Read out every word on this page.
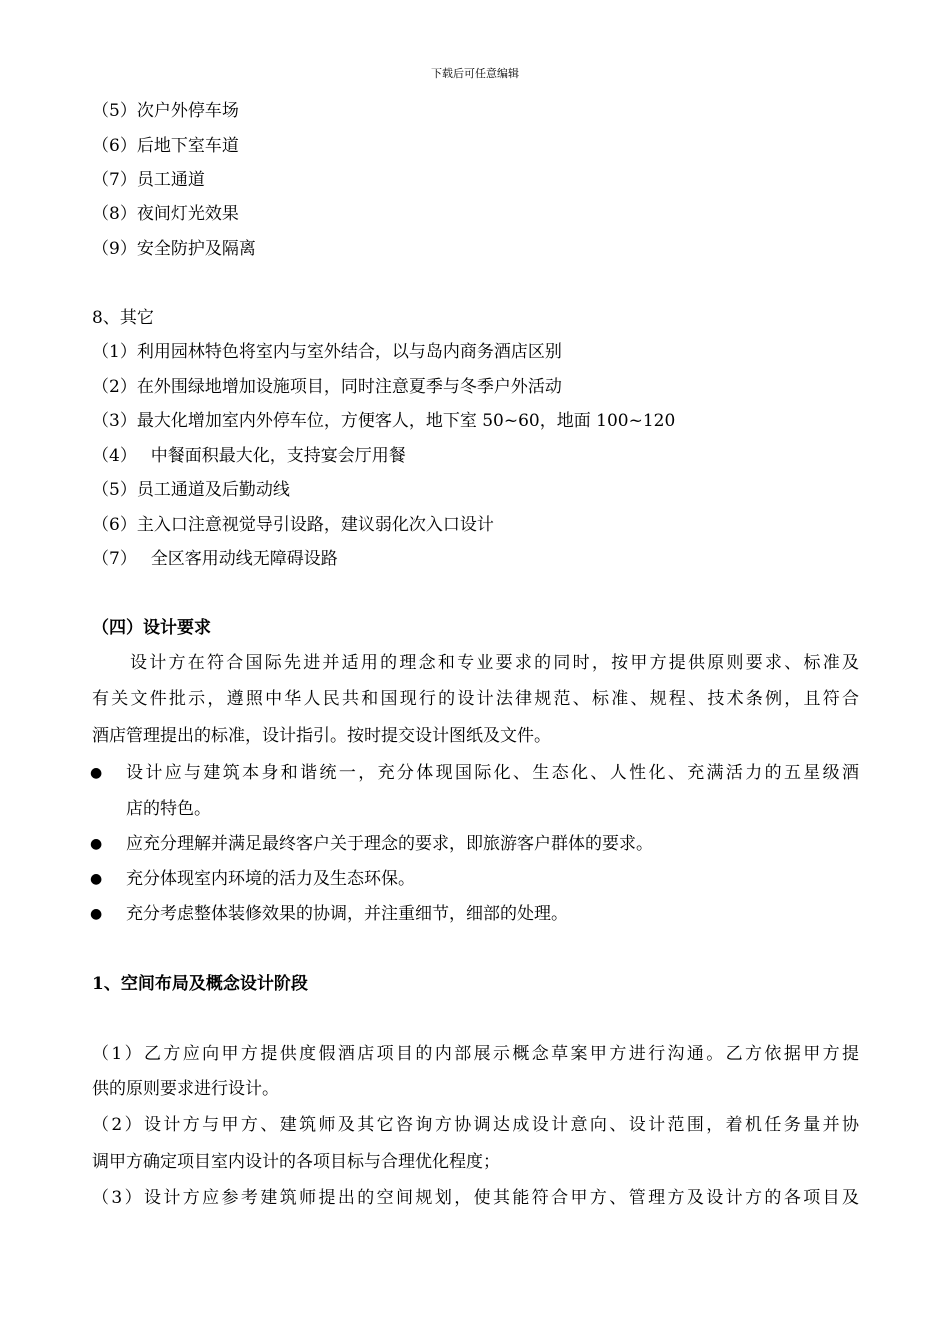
下载后可任意编辑
（5）次户外停车场
（6）后地下室车道
（7）员工通道
（8）夜间灯光效果
（9）安全防护及隔离
8、其它
（1）利用园林特色将室内与室外结合，以与岛内商务酒店区别
（2）在外围绿地增加设施项目，同时注意夏季与冬季户外活动
（3）最大化增加室内外停车位，方便客人，地下室 50~60，地面 100~120
（4）　 中餐面积最大化，支持宴会厅用餐
（5）员工通道及后勤动线
（6）主入口注意视觉导引设路，建议弱化次入口设计
（7）　 全区客用动线无障碍设路
（四）设计要求
设计方在符合国际先进并适用的理念和专业要求的同时，按甲方提供原则要求、标准及
有关文件批示，遵照中华人民共和国现行的设计法律规范、标准、规程、技术条例，且符合
酒店管理提出的标准，设计指引。按时提交设计图纸及文件。
● 设计应与建筑本身和谐统一，充分体现国际化、生态化、人性化、充满活力的五星级酒
店的特色。
● 应充分理解并满足最终客户关于理念的要求，即旅游客户群体的要求。
● 充分体现室内环境的活力及生态环保。
● 充分考虑整体装修效果的协调，并注重细节，细部的处理。
1、空间布局及概念设计阶段
（1）乙方应向甲方提供度假酒店项目的内部展示概念草案甲方进行沟通。乙方依据甲方提
供的原则要求进行设计。
（2）设计方与甲方、建筑师及其它咨询方协调达成设计意向、设计范围，着机任务量并协
调甲方确定项目室内设计的各项目标与合理优化程度；
（3）设计方应参考建筑师提出的空间规划，使其能符合甲方、管理方及设计方的各项目及
